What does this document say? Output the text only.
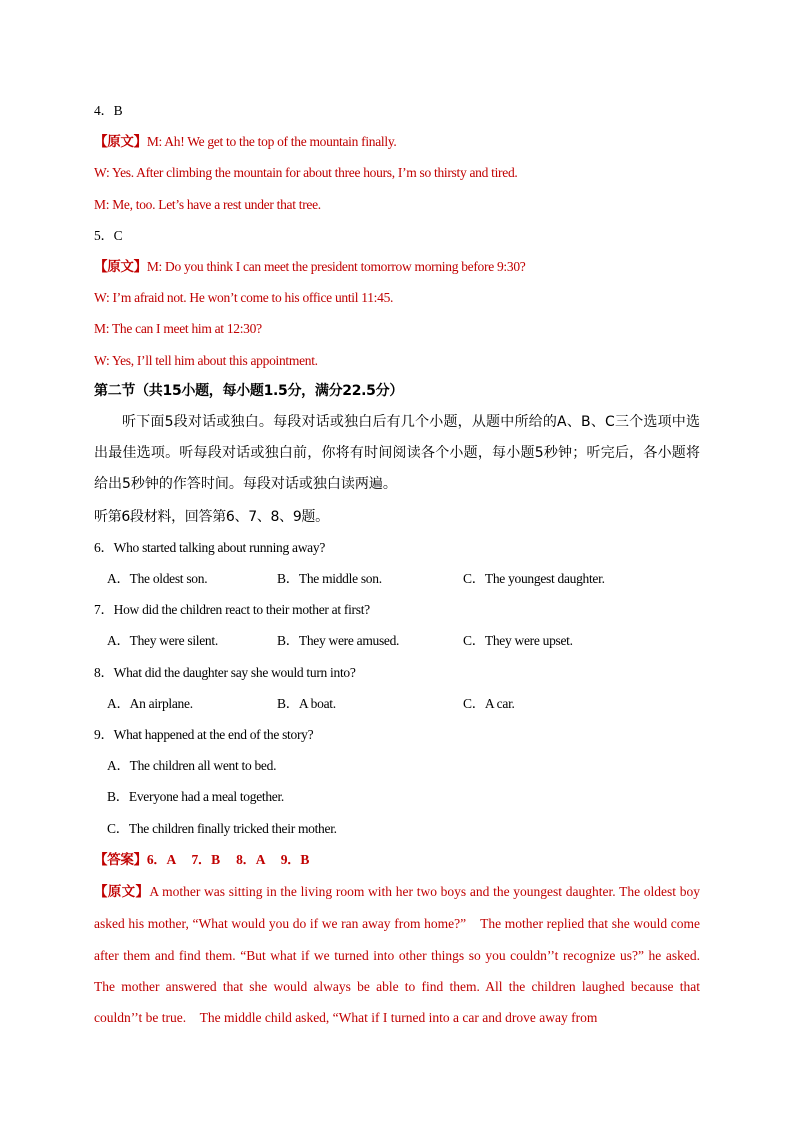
4．B
【原文】M: Ah! We get to the top of the mountain finally.
W: Yes. After climbing the mountain for about three hours, I’m so thirsty and tired.
M: Me, too. Let’s have a rest under that tree.
5．C
【原文】M: Do you think I can meet the president tomorrow morning before 9:30?
W: I’m afraid not. He won’t come to his office until 11:45.
M: The can I meet him at 12:30?
W: Yes, I’ll tell him about this appointment.
第二节（共15小题，每小题1.5分，满分22.5分）
听下面5段对话或独白。每段对话或独白后有几个小题，从题中所给的A、B、C三个选项中选出最佳选项。听每段对话或独白前，你将有时间阅读各个小题，每小题5秒钟；听完后，各小题将给出5秒钟的作答时间。每段对话或独白读两遍。
听第6段材料，回答第6、7、8、9题。
6．Who started talking about running away?
A．The oldest son.	B．The middle son.	C．The youngest daughter.
7．How did the children react to their mother at first?
A．They were silent.	B．They were amused.	C．They were upset.
8．What did the daughter say she would turn into?
A．An airplane.	B．A boat.	C．A car.
9．What happened at the end of the story?
A．The children all went to bed.
B．Everyone had a meal together.
C．The children finally tricked their mother.
【答案】6．A　 7．B　 8．A　 9．B
【原文】A mother was sitting in the living room with her two boys and the youngest daughter. The oldest boy asked his mother, “What would you do if we ran away from home?”　The mother replied that she would come after them and find them. “But what if we turned into other things so you couldn’’t recognize us?” he asked. The mother answered that she would always be able to find them. All the children laughed because that couldn’’t be true.　The middle child asked, “What if I turned into a car and drove away from
